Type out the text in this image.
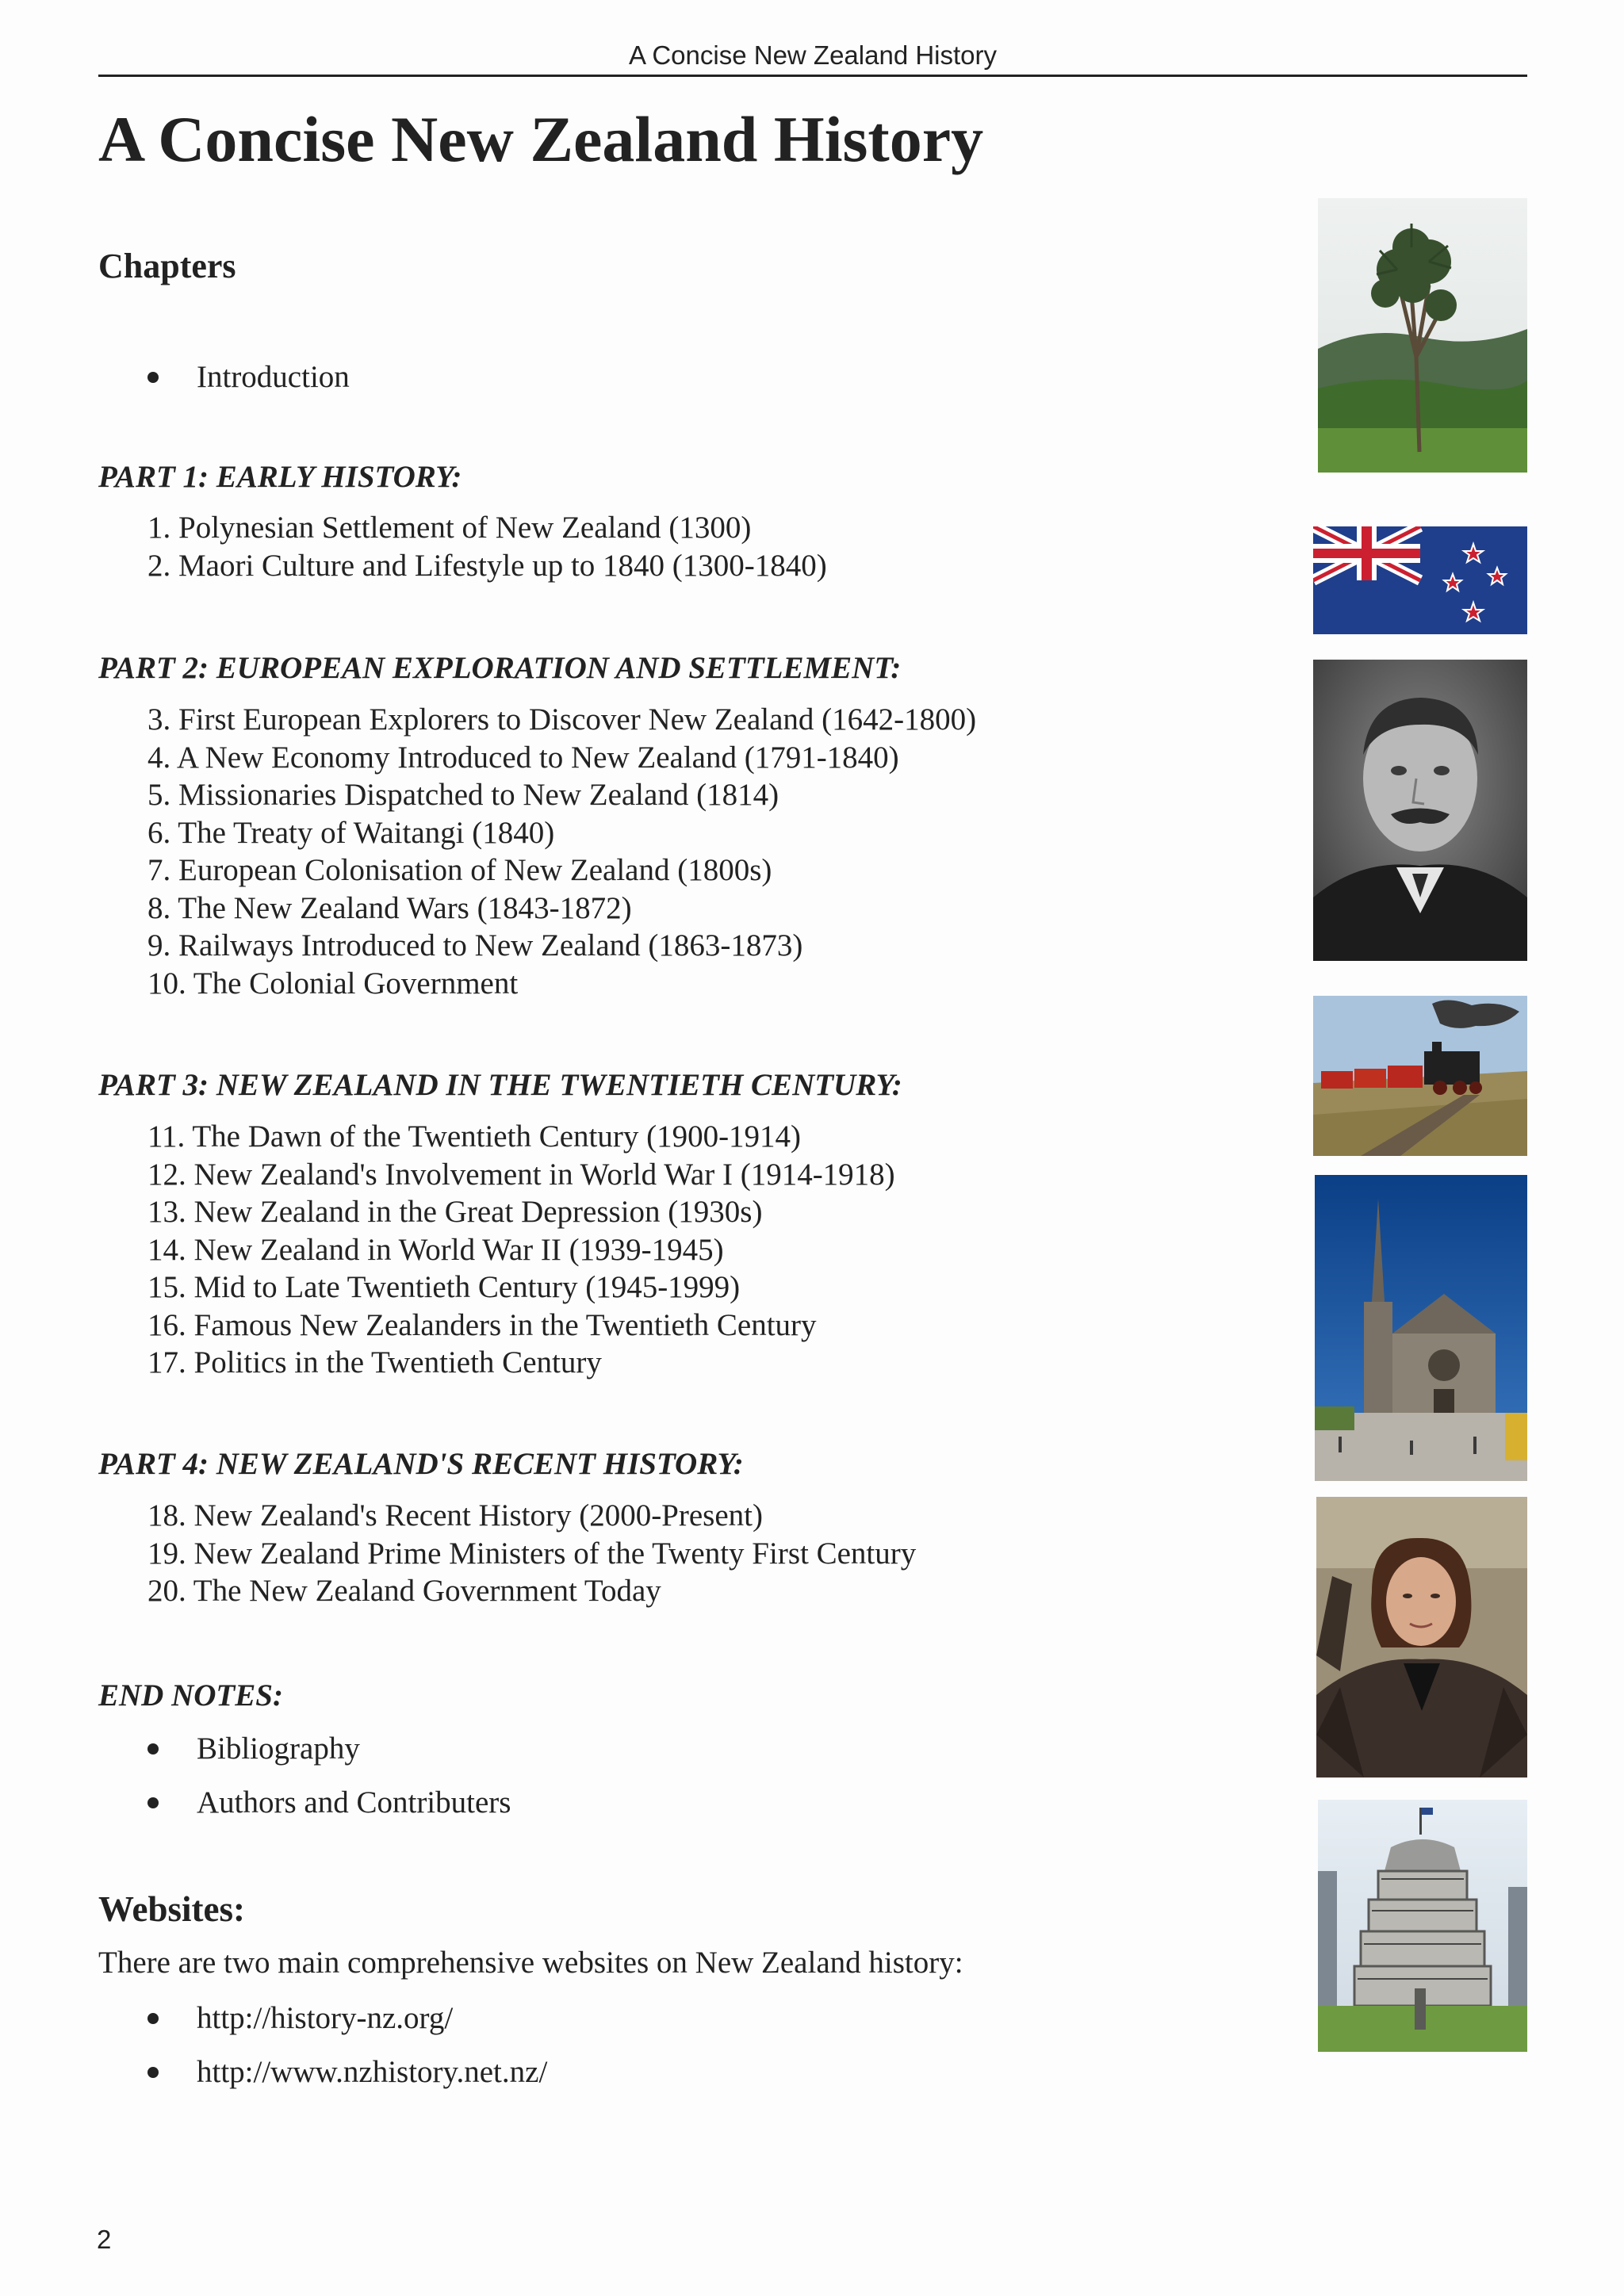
A Concise New Zealand History
A Concise New Zealand History
Chapters
Introduction
PART 1: EARLY HISTORY:
1. Polynesian Settlement of New Zealand (1300)
2. Maori Culture and Lifestyle up to 1840 (1300-1840)
PART 2: EUROPEAN EXPLORATION AND SETTLEMENT:
3. First European Explorers to Discover New Zealand (1642-1800)
4. A New Economy Introduced to New Zealand (1791-1840)
5. Missionaries Dispatched to New Zealand (1814)
6. The Treaty of Waitangi (1840)
7. European Colonisation of New Zealand (1800s)
8. The New Zealand Wars (1843-1872)
9. Railways Introduced to New Zealand (1863-1873)
10. The Colonial Government
PART 3: NEW ZEALAND IN THE TWENTIETH CENTURY:
11. The Dawn of the Twentieth Century (1900-1914)
12. New Zealand's Involvement in World War I (1914-1918)
13. New Zealand in the Great Depression (1930s)
14. New Zealand in World War II (1939-1945)
15. Mid to Late Twentieth Century (1945-1999)
16. Famous New Zealanders in the Twentieth Century
17. Politics in the Twentieth Century
PART 4: NEW ZEALAND'S RECENT HISTORY:
18. New Zealand's Recent History (2000-Present)
19. New Zealand Prime Ministers of the Twenty First Century
20. The New Zealand Government Today
END NOTES:
Bibliography
Authors and Contributers
Websites:

There are two main comprehensive websites on New Zealand history:

http://history-nz.org/
http://www.nzhistory.net.nz/
2
